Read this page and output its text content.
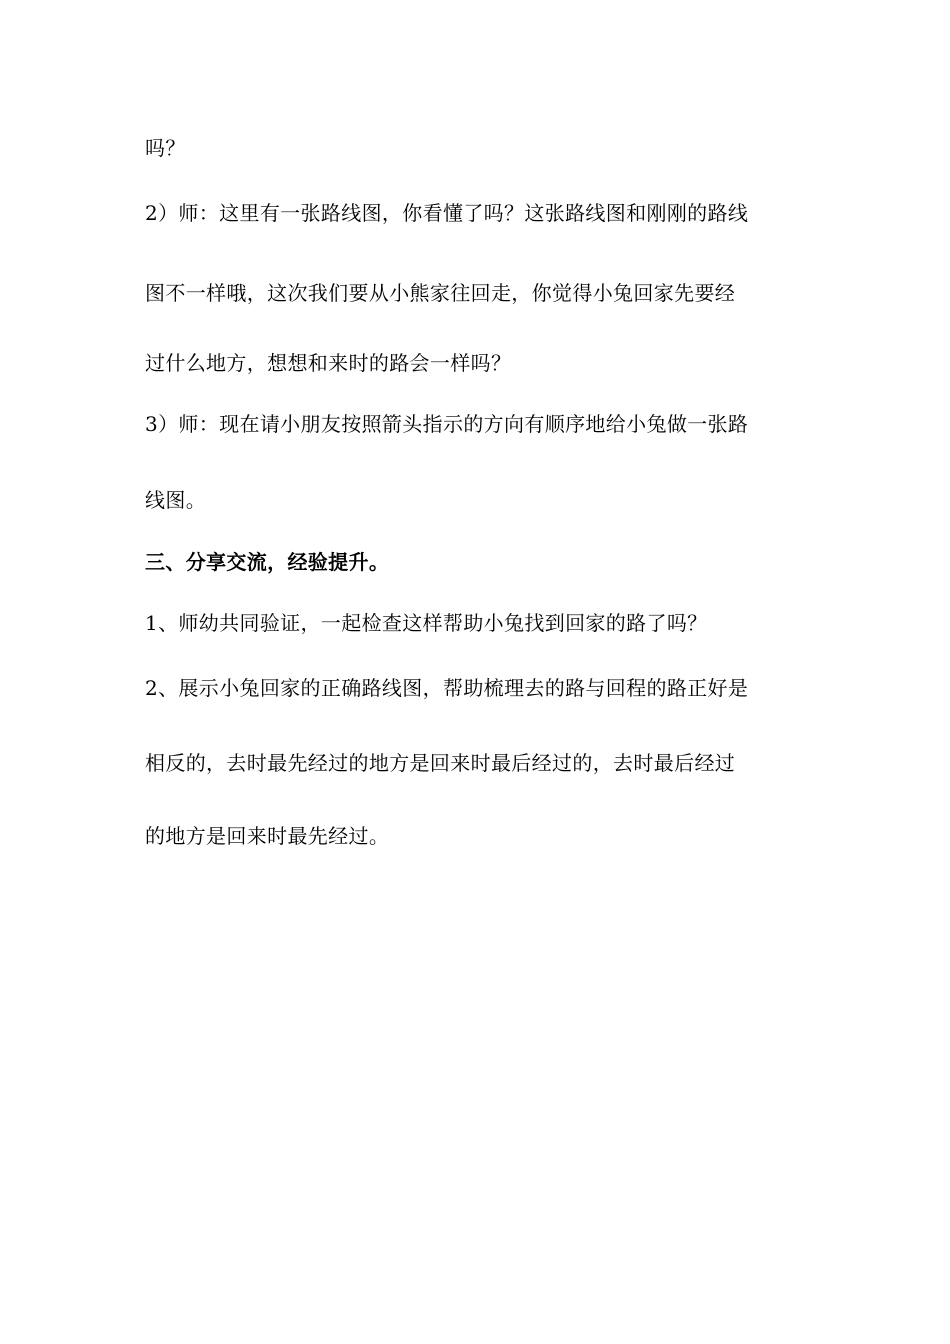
吗？

2）师：这里有一张路线图，你看懂了吗？这张路线图和刚刚的路线

图不一样哦，这次我们要从小熊家往回走，你觉得小兔回家先要经

过什么地方，想想和来时的路会一样吗？

3）师：现在请小朋友按照箭头指示的方向有顺序地给小兔做一张路

线图。

三、分享交流，经验提升。

1、师幼共同验证，一起检查这样帮助小兔找到回家的路了吗？

2、展示小兔回家的正确路线图，帮助梳理去的路与回程的路正好是

相反的，去时最先经过的地方是回来时最后经过的，去时最后经过

的地方是回来时最先经过。
